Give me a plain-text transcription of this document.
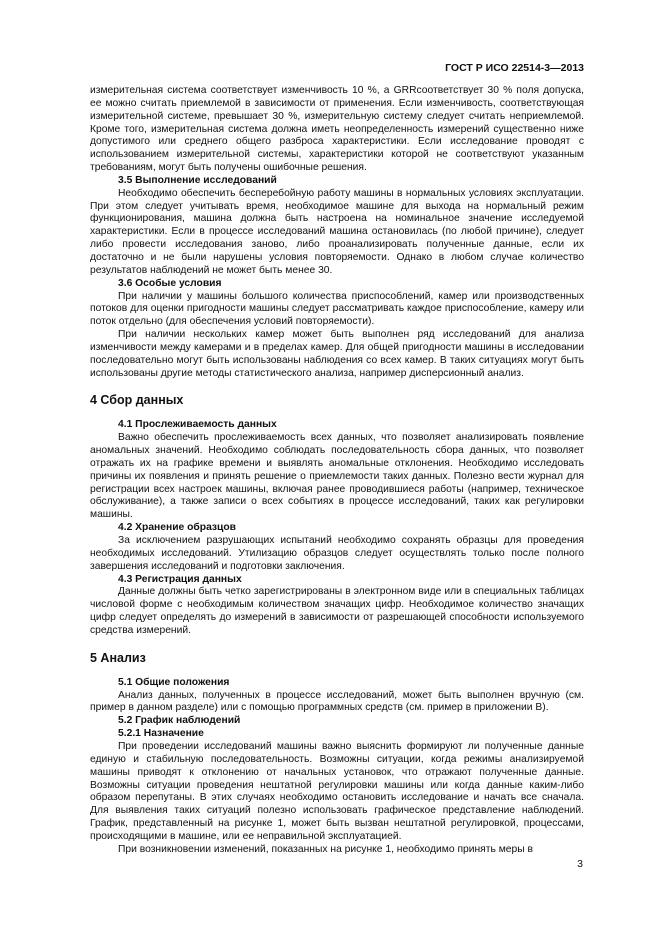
ГОСТ Р ИСО 22514-3—2013

измерительная система соответствует изменчивость 10 %, а GRRсоответствует 30 % поля допуска, ее можно считать приемлемой в зависимости от применения. Если изменчивость, соответствующая измерительной системе, превышает 30 %, измерительную систему следует считать неприемлемой. Кроме того, измерительная система должна иметь неопределенность измерений существенно ниже допустимого или среднего общего разброса характеристики. Если исследование проводят с использованием измерительной системы, характеристики которой не соответствуют указанным требованиям, могут быть получены ошибочные решения.

3.5 Выполнение исследований

Необходимо обеспечить бесперебойную работу машины в нормальных условиях эксплуатации. При этом следует учитывать время, необходимое машине для выхода на нормальный режим функционирования, машина должна быть настроена на номинальное значение исследуемой характеристики. Если в процессе исследований машина остановилась (по любой причине), следует либо провести исследования заново, либо проанализировать полученные данные, если их достаточно и не были нарушены условия повторяемости. Однако в любом случае количество результатов наблюдений не может быть менее 30.

3.6 Особые условия

При наличии у машины большого количества приспособлений, камер или производственных потоков для оценки пригодности машины следует рассматривать каждое приспособление, камеру или поток отдельно (для обеспечения условий повторяемости).

При наличии нескольких камер может быть выполнен ряд исследований для анализа изменчивости между камерами и в пределах камер. Для общей пригодности машины в исследовании последовательно могут быть использованы наблюдения со всех камер. В таких ситуациях могут быть использованы другие методы статистического анализа, например дисперсионный анализ.

4 Сбор данных
4.1 Прослеживаемость данных

Важно обеспечить прослеживаемость всех данных, что позволяет анализировать появление аномальных значений. Необходимо соблюдать последовательность сбора данных, что позволяет отражать их на графике времени и выявлять аномальные отклонения. Необходимо исследовать причины их появления и принять решение о приемлемости таких данных. Полезно вести журнал для регистрации всех настроек машины, включая ранее проводившиеся работы (например, техническое обслуживание), а также записи о всех событиях в процессе исследований, таких как регулировки машины.

4.2 Хранение образцов

За исключением разрушающих испытаний необходимо сохранять образцы для проведения необходимых исследований. Утилизацию образцов следует осуществлять только после полного завершения исследований и подготовки заключения.

4.3 Регистрация данных

Данные должны быть четко зарегистрированы в электронном виде или в специальных таблицах числовой форме с необходимым количеством значащих цифр. Необходимое количество значащих цифр следует определять до измерений в зависимости от разрешающей способности используемого средства измерений.

5 Анализ
5.1 Общие положения

Анализ данных, полученных в процессе исследований, может быть выполнен вручную (см. пример в данном разделе) или с помощью программных средств (см. пример в приложении В).

5.2 График наблюдений
5.2.1 Назначение

При проведении исследований машины важно выяснить формируют ли полученные данные единую и стабильную последовательность. Возможны ситуации, когда режимы анализируемой машины приводят к отклонению от начальных установок, что отражают полученные данные. Возможны ситуации проведения нештатной регулировки машины или когда данные каким-либо образом перепутаны. В этих случаях необходимо остановить исследование и начать все сначала. Для выявления таких ситуаций полезно использовать графическое представление наблюдений. График, представленный на рисунке 1, может быть вызван нештатной регулировкой, процессами, происходящими в машине, или ее неправильной эксплуатацией.

При возникновении изменений, показанных на рисунке 1, необходимо принять меры в

3
